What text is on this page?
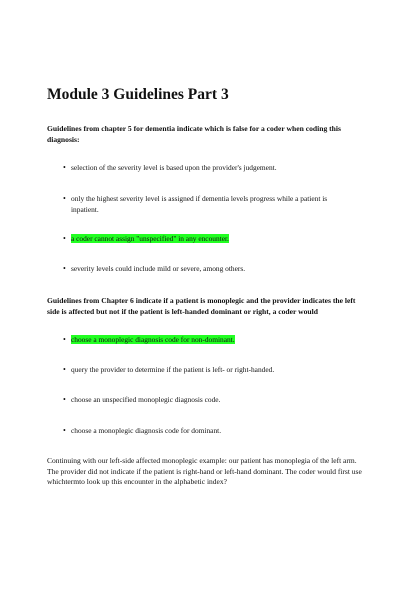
Module 3 Guidelines Part 3

Guidelines from chapter 5 for dementia indicate which is false for a coder when coding this diagnosis:

• selection of the severity level is based upon the provider's judgement.
• only the highest severity level is assigned if dementia levels progress while a patient is inpatient.
• a coder cannot assign "unspecified" in any encounter.
• severity levels could include mild or severe, among others.

Guidelines from Chapter 6 indicate if a patient is monoplegic and the provider indicates the left side is affected but not if the patient is left-handed dominant or right, a coder would

• choose a monoplegic diagnosis code for non-dominant.
• query the provider to determine if the patient is left- or right-handed.
• choose an unspecified monoplegic diagnosis code.
• choose a monoplegic diagnosis code for dominant.

Continuing with our left-side affected monoplegic example: our patient has monoplegia of the left arm. The provider did not indicate if the patient is right-hand or left-hand dominant. The coder would first use whichtermto look up this encounter in the alphabetic index?
